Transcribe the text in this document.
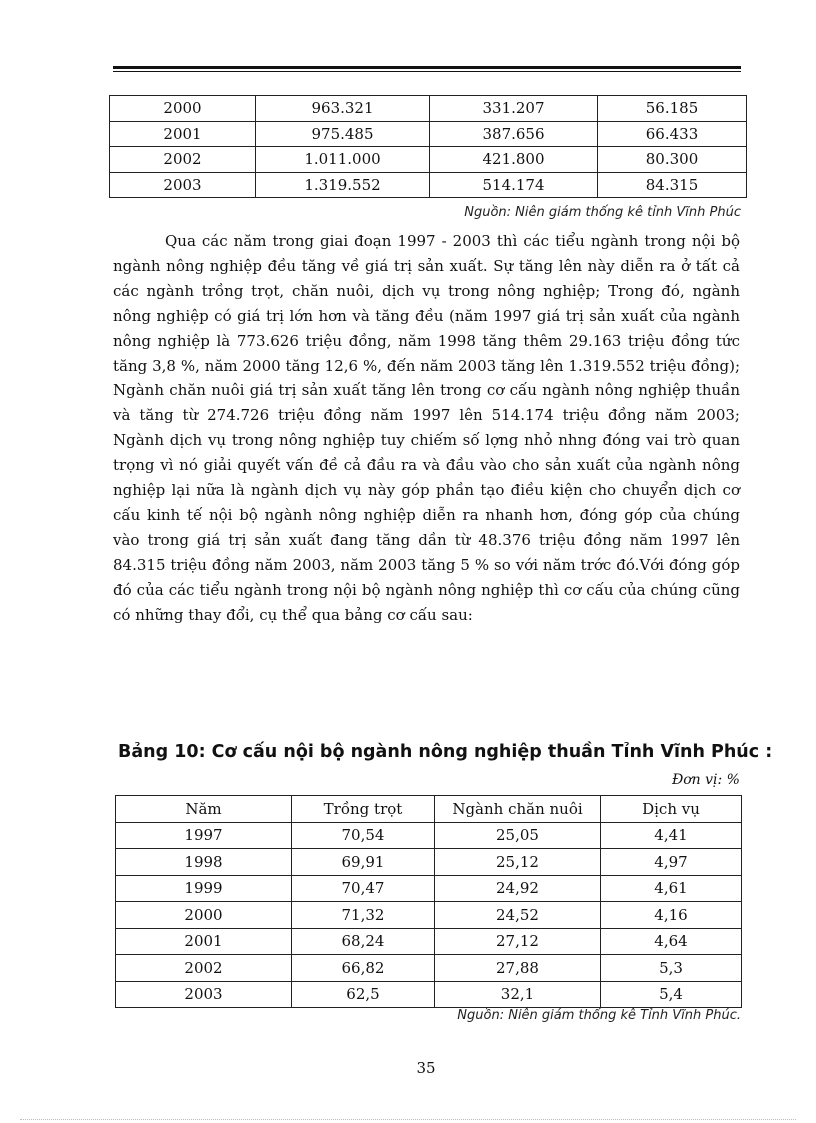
2000	963.321	331.207	56.185
2001	975.485	387.656	66.433
2002	1.011.000	421.800	80.300
2003	1.319.552	514.174	84.315
Nguồn: Niên giám thống kê tỉnh Vĩnh Phúc

Qua các năm trong giai đoạn 1997 - 2003 thì các tiểu ngành trong nội bộ ngành nông nghiệp đều tăng về giá trị sản xuất. Sự tăng lên này diễn ra ở tất cả các ngành trồng trọt, chăn nuôi, dịch vụ trong nông nghiệp; Trong đó, ngành nông nghiệp có giá trị lớn hơn và tăng đều (năm 1997 giá trị sản xuất của ngành nông nghiệp là 773.626 triệu đồng, năm 1998 tăng thêm 29.163 triệu đồng tức tăng 3,8 %, năm 2000 tăng 12,6 %, đến năm 2003 tăng lên 1.319.552 triệu đồng); Ngành chăn nuôi giá trị sản xuất tăng lên trong cơ cấu ngành nông nghiệp thuần và tăng từ 274.726 triệu đồng năm 1997 lên 514.174 triệu đồng năm 2003; Ngành dịch vụ trong nông nghiệp tuy chiếm số lợng nhỏ nhng đóng vai trò quan trọng vì nó giải quyết vấn đề cả đầu ra và đầu vào cho sản xuất của ngành nông nghiệp lại nữa là ngành dịch vụ này góp phần tạo điều kiện cho chuyển dịch cơ cấu kinh tế nội bộ ngành nông nghiệp diễn ra nhanh hơn, đóng góp của chúng vào trong giá trị sản xuất đang tăng dần từ 48.376 triệu đồng năm 1997 lên 84.315 triệu đồng năm 2003, năm 2003 tăng 5 % so với năm trớc đó.Với đóng góp đó của các tiểu ngành trong nội bộ ngành nông nghiệp thì cơ cấu của chúng cũng có những thay đổi, cụ thể qua bảng cơ cấu sau:

Bảng 10: Cơ cấu nội bộ ngành nông nghiệp thuần Tỉnh Vĩnh Phúc :
Đơn vị: %
Năm	Trồng trọt	Ngành chăn nuôi	Dịch vụ
1997	70,54	25,05	4,41
1998	69,91	25,12	4,97
1999	70,47	24,92	4,61
2000	71,32	24,52	4,16
2001	68,24	27,12	4,64
2002	66,82	27,88	5,3
2003	62,5	32,1	5,4
Nguồn: Niên giám thống kê Tỉnh Vĩnh Phúc.
35
